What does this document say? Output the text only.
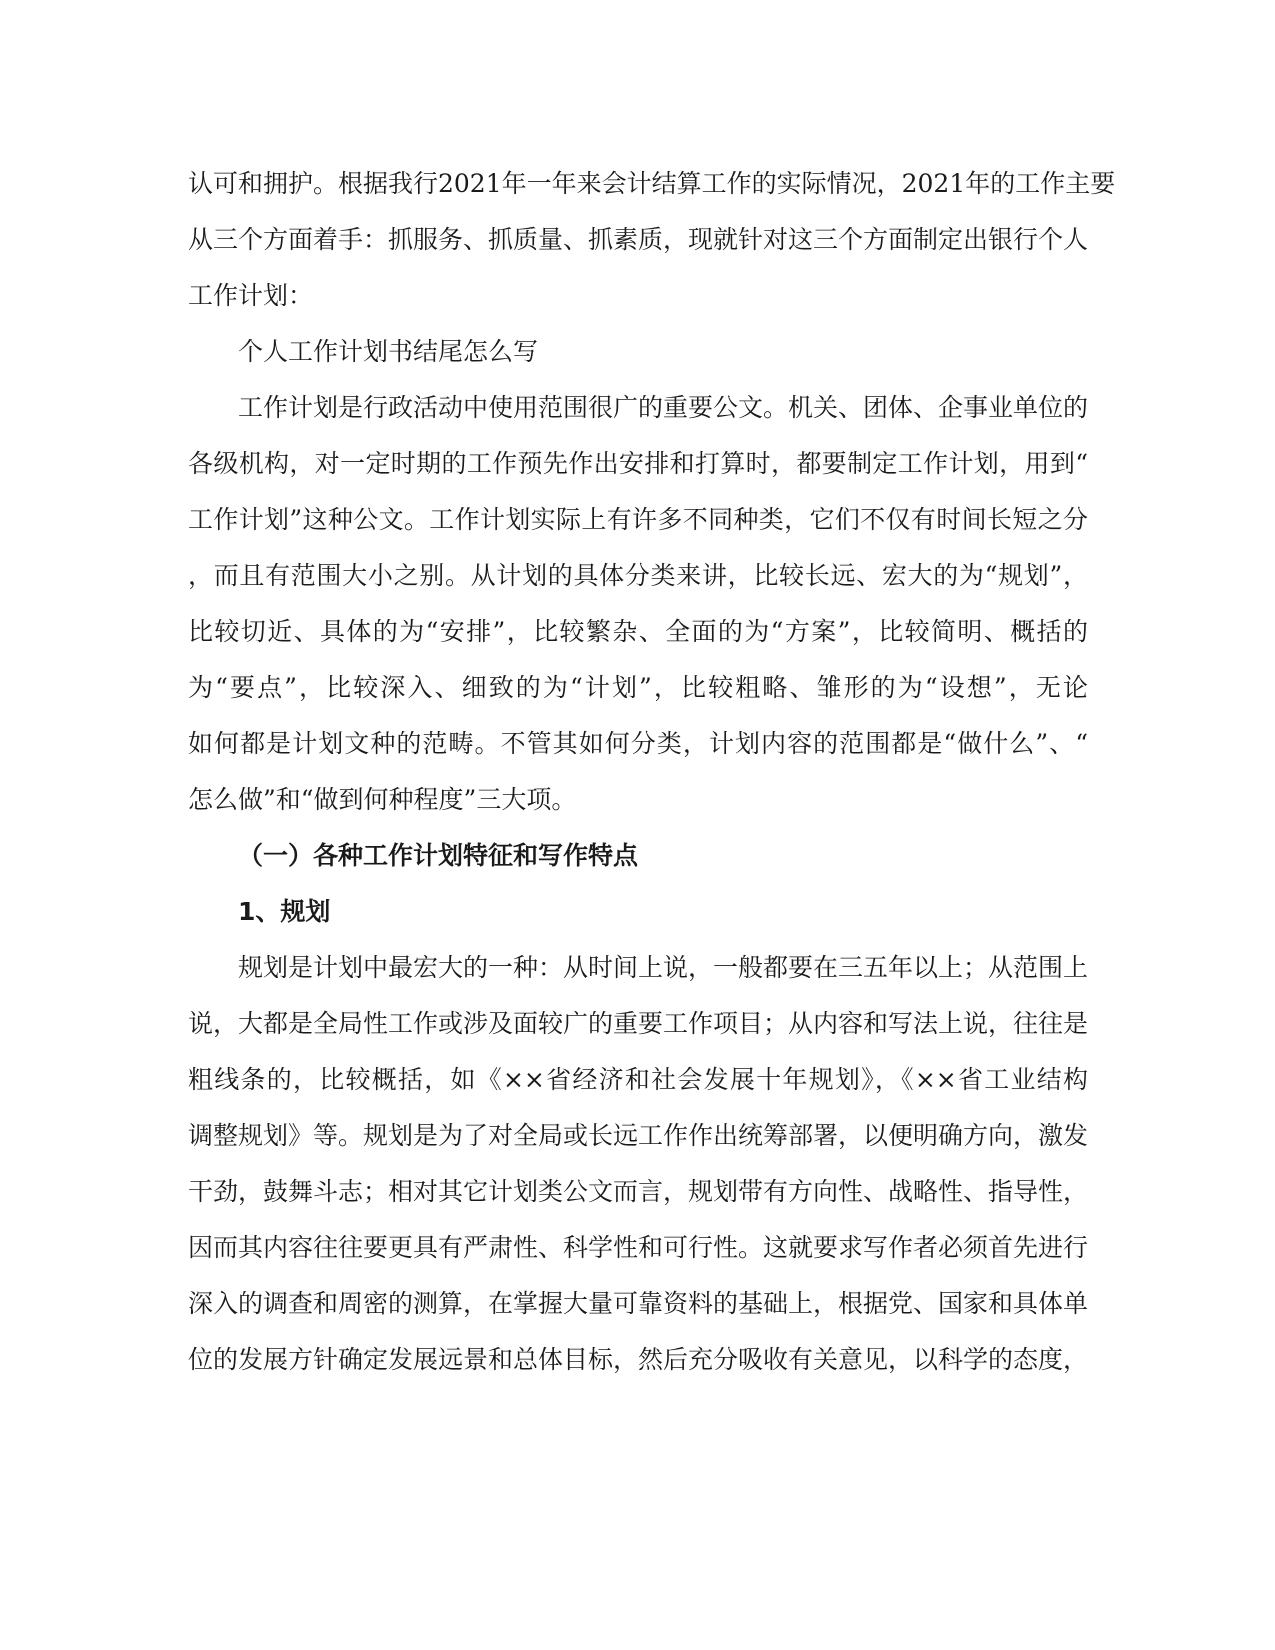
认可和拥护。根据我行2021年一年来会计结算工作的实际情况，2021年的工作主要
从三个方面着手：抓服务、抓质量、抓素质，现就针对这三个方面制定出银行个人
工作计划：
个人工作计划书结尾怎么写
工作计划是行政活动中使用范围很广的重要公文。机关、团体、企事业单位的
各级机构，对一定时期的工作预先作出安排和打算时，都要制定工作计划，用到“
工作计划”这种公文。工作计划实际上有许多不同种类，它们不仅有时间长短之分
，而且有范围大小之别。从计划的具体分类来讲，比较长远、宏大的为“规划”，
比较切近、具体的为“安排”，比较繁杂、全面的为“方案”，比较简明、概括的
为“要点”，比较深入、细致的为“计划”，比较粗略、雏形的为“设想”，无论
如何都是计划文种的范畴。不管其如何分类，计划内容的范围都是“做什么”、“
怎么做”和“做到何种程度”三大项。
（一）各种工作计划特征和写作特点
1、规划
规划是计划中最宏大的一种：从时间上说，一般都要在三五年以上；从范围上
说，大都是全局性工作或涉及面较广的重要工作项目；从内容和写法上说，往往是
粗线条的，比较概括，如《××省经济和社会发展十年规划》，《××省工业结构
调整规划》等。规划是为了对全局或长远工作作出统筹部署，以便明确方向，激发
干劲，鼓舞斗志；相对其它计划类公文而言，规划带有方向性、战略性、指导性，
因而其内容往往要更具有严肃性、科学性和可行性。这就要求写作者必须首先进行
深入的调查和周密的测算，在掌握大量可靠资料的基础上，根据党、国家和具体单
位的发展方针确定发展远景和总体目标，然后充分吸收有关意见，以科学的态度，
